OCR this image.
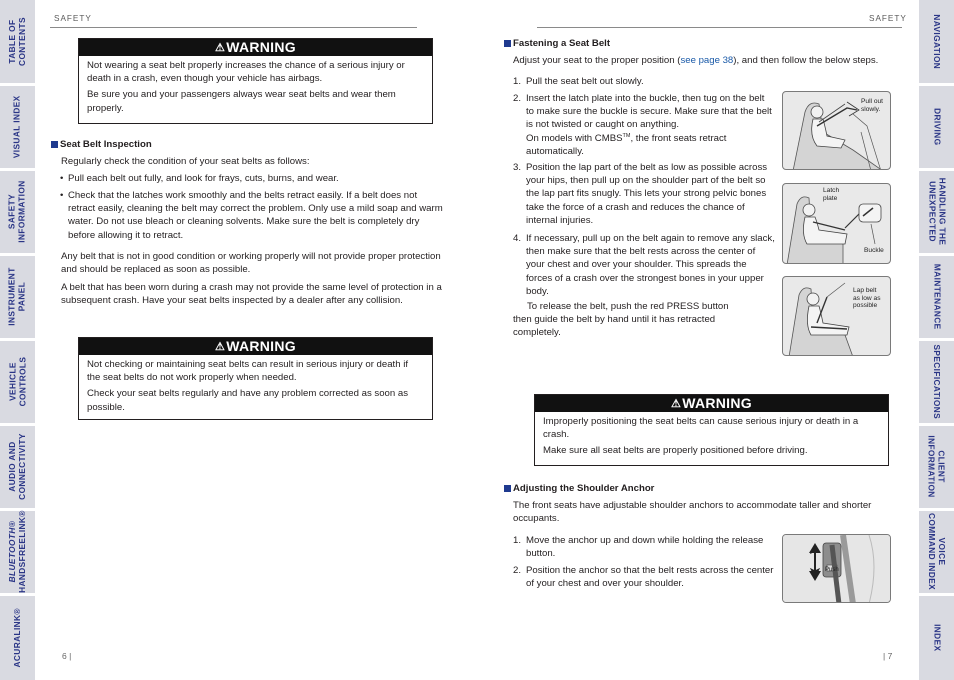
TABLE OF
CONTENTS
VISUAL INDEX
SAFETY
INFORMATION
INSTRUMENT
PANEL
VEHICLE
CONTROLS
AUDIO AND
CONNECTIVITY
BLUETOOTH®
HANDSFREELINK®
ACURALINK®
NAVIGATION
DRIVING
HANDLING THE
UNEXPECTED
MAINTENANCE
SPECIFICATIONS
CLIENT
INFORMATION
VOICE
COMMAND INDEX
INDEX
SAFETY	SAFETY
⚠WARNING

Not wearing a seat belt properly increases the chance of a serious injury or death in a crash, even though your vehicle has airbags.

Be sure you and your passengers always wear seat belts and wear them properly.

Seat Belt Inspection
Regularly check the condition of your seat belts as follows:
• Pull each belt out fully, and look for frays, cuts, burns, and wear.
• Check that the latches work smoothly and the belts retract easily. If a belt does not retract easily, cleaning the belt may correct the problem. Only use a mild soap and warm water. Do not use bleach or cleaning solvents. Make sure the belt is completely dry before allowing it to retract.
Any belt that is not in good condition or working properly will not provide proper protection and should be replaced as soon as possible.
A belt that has been worn during a crash may not provide the same level of protection in a subsequent crash. Have your seat belts inspected by a dealer after any collision.
⚠WARNING

Not checking or maintaining seat belts can result in serious injury or death if the seat belts do not work properly when needed.

Check your seat belts regularly and have any problem corrected as soon as possible.

Fastening a Seat Belt
Adjust your seat to the proper position (see page 38), and then follow the below steps.
1. Pull the seat belt out slowly.
2. Insert the latch plate into the buckle, then tug on the belt to make sure the buckle is secure. Make sure that the belt is not twisted or caught on anything.
On models with CMBS™, the front seats retract automatically.
3. Position the lap part of the belt as low as possible across your hips, then pull up on the shoulder part of the belt so the lap part fits snugly. This lets your strong pelvic bones take the force of a crash and reduces the chance of internal injuries.
4. If necessary, pull up on the belt again to remove any slack, then make sure that the belt rests across the center of your chest and over your shoulder. This spreads the forces of a crash over the strongest bones in your upper body.
To release the belt, push the red PRESS button then guide the belt by hand until it has retracted completely.
Pull out
slowly.
Latch
plate
Buckle
Lap belt
as low as
possible
⚠WARNING

Improperly positioning the seat belts can cause serious injury or death in a crash.

Make sure all seat belts are properly positioned before driving.

Adjusting the Shoulder Anchor
The front seats have adjustable shoulder anchors to accommodate taller and shorter occupants.
1. Move the anchor up and down while holding the release button.
2. Position the anchor so that the belt rests across the center of your chest and over your shoulder.
Push
6 |	| 7
